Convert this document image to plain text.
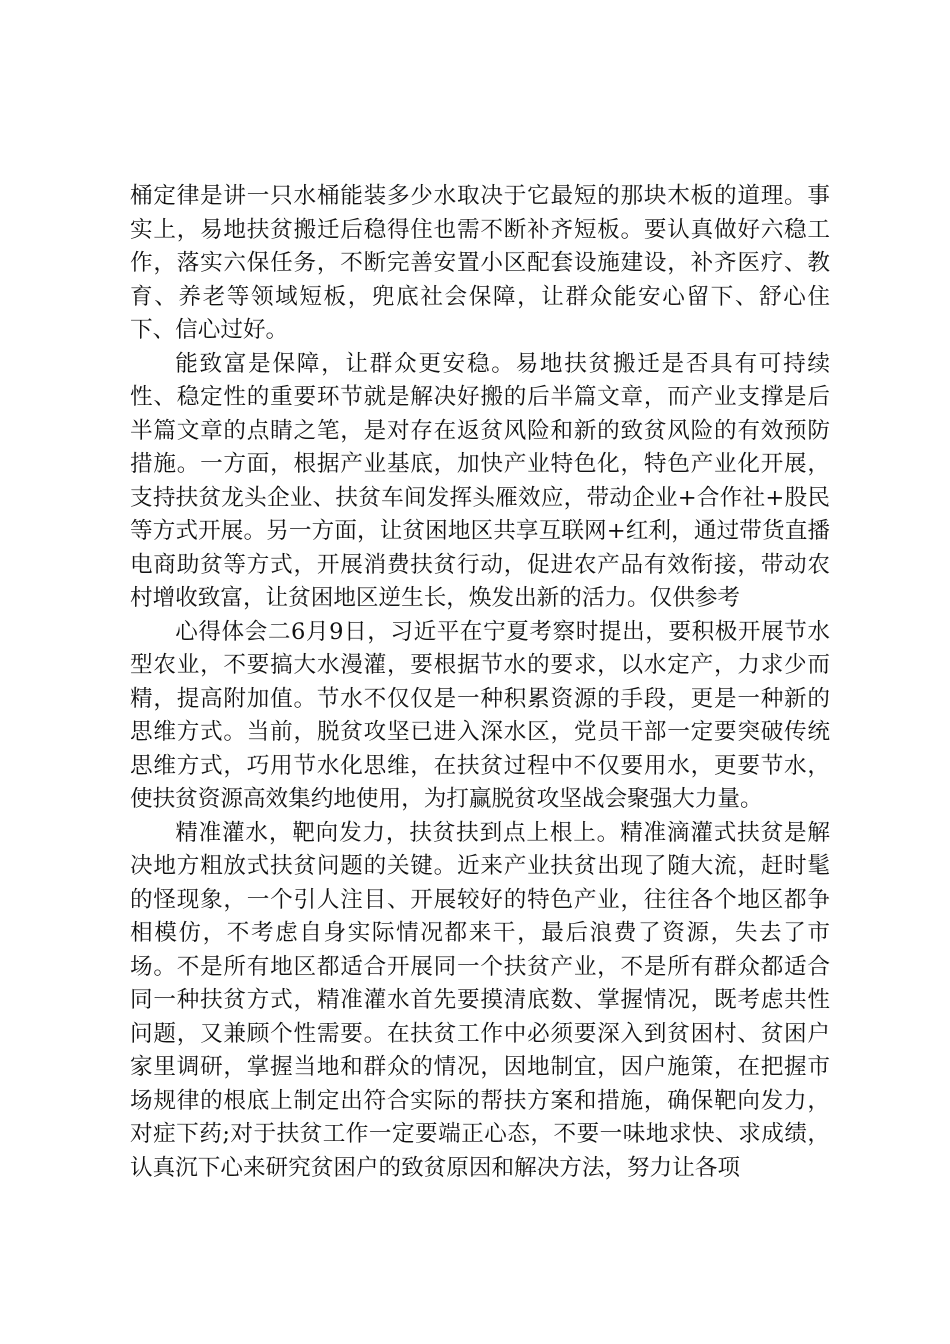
桶定律是讲一只水桶能装多少水取决于它最短的那块木板的道理。事实上，易地扶贫搬迁后稳得住也需不断补齐短板。要认真做好六稳工作，落实六保任务，不断完善安置小区配套设施建设，补齐医疗、教育、养老等领域短板，兜底社会保障，让群众能安心留下、舒心住下、信心过好。

能致富是保障，让群众更安稳。易地扶贫搬迁是否具有可持续性、稳定性的重要环节就是解决好搬的后半篇文章，而产业支撑是后半篇文章的点睛之笔，是对存在返贫风险和新的致贫风险的有效预防措施。一方面，根据产业基底，加快产业特色化，特色产业化开展，支持扶贫龙头企业、扶贫车间发挥头雁效应，带动企业+合作社+股民等方式开展。另一方面，让贫困地区共享互联网+红利，通过带货直播电商助贫等方式，开展消费扶贫行动，促进农产品有效衔接，带动农村增收致富，让贫困地区逆生长，焕发出新的活力。仅供参考

心得体会二6月9日，习近平在宁夏考察时提出，要积极开展节水型农业，不要搞大水漫灌，要根据节水的要求，以水定产，力求少而精，提高附加值。节水不仅仅是一种积累资源的手段，更是一种新的思维方式。当前，脱贫攻坚已进入深水区，党员干部一定要突破传统思维方式，巧用节水化思维，在扶贫过程中不仅要用水，更要节水，使扶贫资源高效集约地使用，为打赢脱贫攻坚战会聚强大力量。

精准灌水，靶向发力，扶贫扶到点上根上。精准滴灌式扶贫是解决地方粗放式扶贫问题的关键。近来产业扶贫出现了随大流，赶时髦的怪现象，一个引人注目、开展较好的特色产业，往往各个地区都争相模仿，不考虑自身实际情况都来干，最后浪费了资源，失去了市场。不是所有地区都适合开展同一个扶贫产业，不是所有群众都适合同一种扶贫方式，精准灌水首先要摸清底数、掌握情况，既考虑共性问题，又兼顾个性需要。在扶贫工作中必须要深入到贫困村、贫困户家里调研，掌握当地和群众的情况，因地制宜，因户施策，在把握市场规律的根底上制定出符合实际的帮扶方案和措施，确保靶向发力，对症下药;对于扶贫工作一定要端正心态，不要一味地求快、求成绩，认真沉下心来研究贫困户的致贫原因和解决方法，努力让各项
